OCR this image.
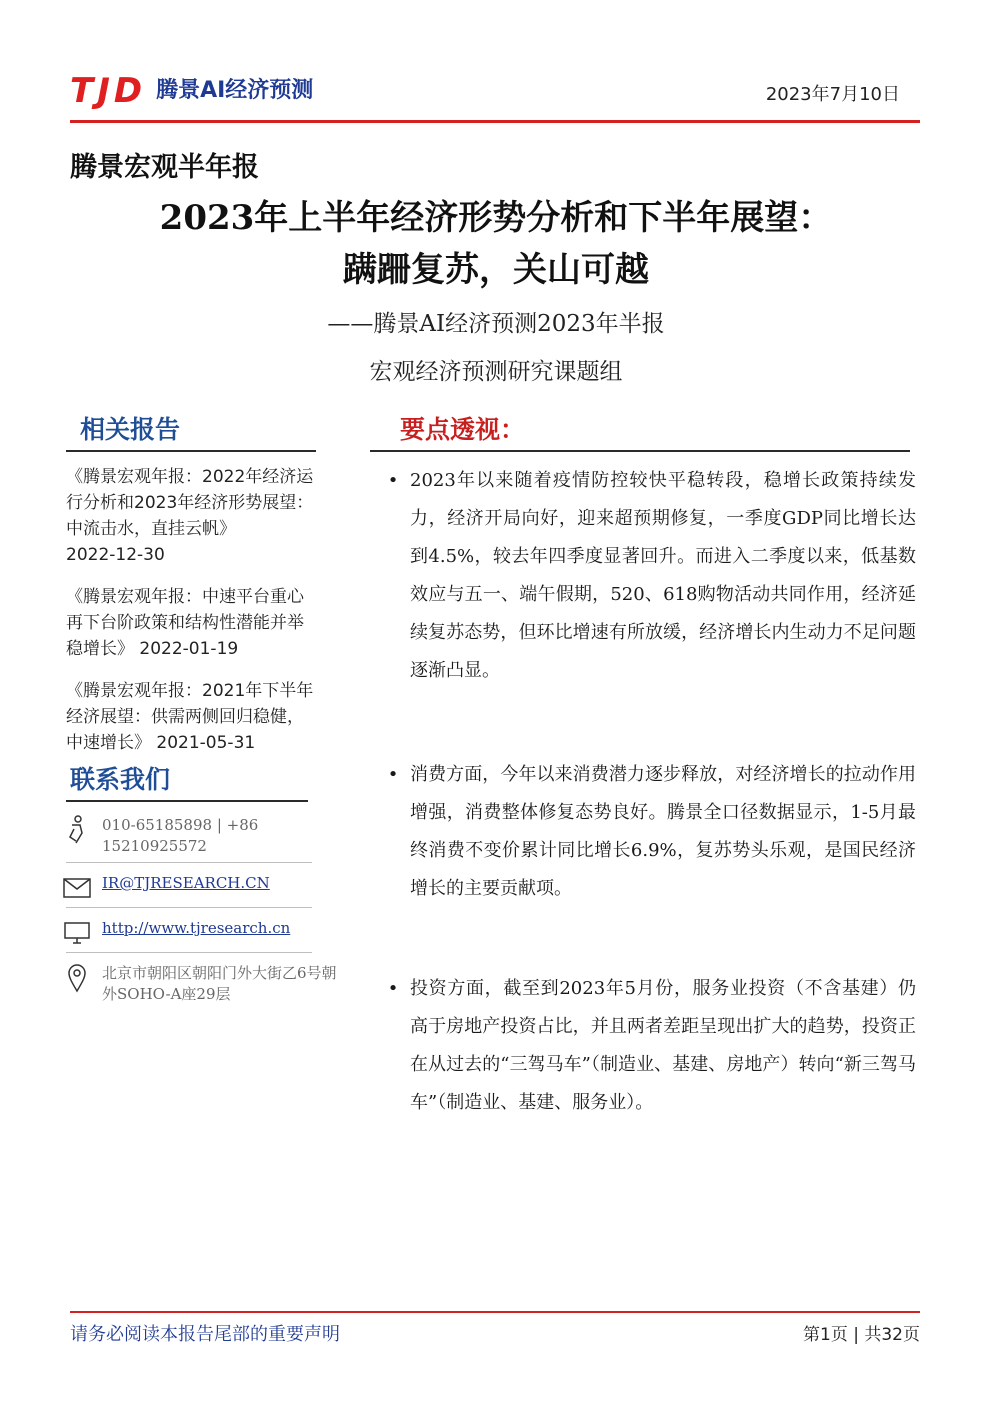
TJD 腾景AI经济预测	2023年7月10日
腾景宏观半年报
2023年上半年经济形势分析和下半年展望：
蹒跚复苏，关山可越
——腾景AI经济预测2023年半报
宏观经济预测研究课题组
相关报告
《腾景宏观年报：2022年经济运行分析和2023年经济形势展望：中流击水，直挂云帆》
2022-12-30
《腾景宏观年报：中速平台重心再下台阶政策和结构性潜能并举稳增长》 2022-01-19
《腾景宏观年报：2021年下半年经济展望：供需两侧回归稳健，中速增长》 2021-05-31
联系我们
010-65185898 | +86 15210925572
IR@TJRESEARCH.CN
http://www.tjresearch.cn
北京市朝阳区朝阳门外大街乙6号朝外SOHO-A座29层
要点透视：
• 2023年以来随着疫情防控较快平稳转段，稳增长政策持续发力，经济开局向好，迎来超预期修复，一季度GDP同比增长达到4.5%，较去年四季度显著回升。而进入二季度以来，低基数效应与五一、端午假期，520、618购物活动共同作用，经济延续复苏态势，但环比增速有所放缓，经济增长内生动力不足问题逐渐凸显。
• 消费方面，今年以来消费潜力逐步释放，对经济增长的拉动作用增强，消费整体修复态势良好。腾景全口径数据显示，1-5月最终消费不变价累计同比增长6.9%，复苏势头乐观，是国民经济增长的主要贡献项。
• 投资方面，截至到2023年5月份，服务业投资（不含基建）仍高于房地产投资占比，并且两者差距呈现出扩大的趋势，投资正在从过去的“三驾马车”（制造业、基建、房地产）转向“新三驾马车”（制造业、基建、服务业）。
请务必阅读本报告尾部的重要声明	第1页 | 共32页
